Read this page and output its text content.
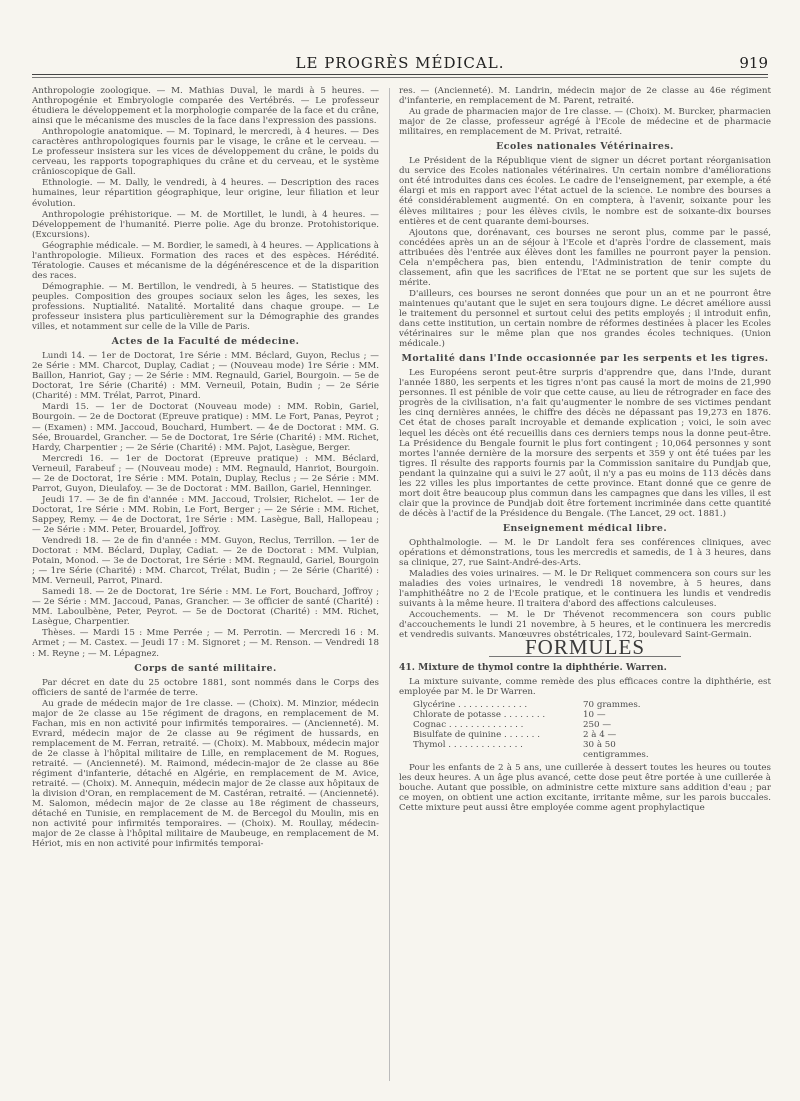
LE PROGRÈS MÉDICAL.	919

Anthropologie zoologique. — M. Mathias Duval, le mardi à 5 heures. — Anthropogénie et Embryologie comparée des Vertébrés. — Le professeur étudiera le développement et la morphologie comparée de la face et du crâne, ainsi que le mécanisme des muscles de la face dans l'expression des passions.

Anthropologie anatomique. — M. Topinard, le mercredi, à 4 heures. — Des caractères anthropologiques fournis par le visage, le crâne et le cerveau. — Le professeur insistera sur les vices de développement du crâne, le poids du cerveau, les rapports topographiques du crâne et du cerveau, et le système crânioscopique de Gall.

Ethnologie. — M. Dally, le vendredi, à 4 heures. — Description des races humaines, leur répartition géographique, leur origine, leur filiation et leur évolution.

Anthropologie préhistorique. — M. de Mortillet, le lundi, à 4 heures. — Développement de l'humanité. Pierre polie. Age du bronze. Protohistorique. (Excursions).

Géographie médicale. — M. Bordier, le samedi, à 4 heures. — Applications à l'anthropologie. Milieux. Formation des races et des espèces. Hérédité. Tératologie. Causes et mécanisme de la dégénérescence et de la disparition des races.

Démographie. — M. Bertillon, le vendredi, à 5 heures. — Statistique des peuples. Composition des groupes sociaux selon les âges, les sexes, les professions. Nuptialité. Natalité. Mortalité dans chaque groupe. — Le professeur insistera plus particulièrement sur la Démographie des grandes villes, et notamment sur celle de la Ville de Paris.

Actes de la Faculté de médecine.

Lundi 14. — 1er de Doctorat, 1re Série : MM. Béclard, Guyon, Reclus ; — 2e Série : MM. Charcot, Duplay, Cadiat ; — (Nouveau mode) 1re Série : MM. Baillon, Hanriot, Gay ; — 2e Série : MM. Regnauld, Gariel, Bourgoin. — 5e de Doctorat, 1re Série (Charité) : MM. Verneuil, Potain, Budin ; — 2e Série (Charité) : MM. Trélat, Parrot, Pinard.

Mardi 15. — 1er de Doctorat (Nouveau mode) : MM. Robin, Gariel, Bourgoin. — 2e de Doctorat (Epreuve pratique) : MM. Le Fort, Panas, Peyrot ; — (Examen) : MM. Jaccoud, Bouchard, Humbert. — 4e de Doctorat : MM. G. Sée, Brouardel, Grancher. — 5e de Doctorat, 1re Série (Charité) : MM. Richet, Hardy, Charpentier ; — 2e Série (Charité) : MM. Pajot, Lasègue, Berger.

Mercredi 16. — 1er de Doctorat (Epreuve pratique) : MM. Béclard, Verneuil, Farabeuf ; — (Nouveau mode) : MM. Regnauld, Hanriot, Bourgoin. — 2e de Doctorat, 1re Série : MM. Potain, Duplay, Reclus ; — 2e Série : MM. Parrot, Guyon, Dieulafoy. — 3e de Doctorat : MM. Baillon, Gariel, Henninger.

Jeudi 17. — 3e de fin d'année : MM. Jaccoud, Trolsier, Richelot. — 1er de Doctorat, 1re Série : MM. Robin, Le Fort, Berger ; — 2e Série : MM. Richet, Sappey, Remy. — 4e de Doctorat, 1re Série : MM. Lasègue, Ball, Hallopeau ; — 2e Série : MM. Peter, Brouardel, Joffroy.

Vendredi 18. — 2e de fin d'année : MM. Guyon, Reclus, Terrillon. — 1er de Doctorat : MM. Béclard, Duplay, Cadiat. — 2e de Doctorat : MM. Vulpian, Potain, Monod. — 3e de Doctorat, 1re Série : MM. Regnauld, Gariel, Bourgoin ; — 1re Série (Charité) : MM. Charcot, Trélat, Budin ; — 2e Série (Charité) : MM. Verneuil, Parrot, Pinard.

Samedi 18. — 2e de Doctorat, 1re Série : MM. Le Fort, Bouchard, Joffroy ; — 2e Série : MM. Jaccoud, Panas, Grancher. — 3e officier de santé (Charité) : MM. Laboulbène, Peter, Peyrot. — 5e de Doctorat (Charité) : MM. Richet, Lasègue, Charpentier.

Thèses. — Mardi 15 : Mme Perrée ; — M. Perrotin. — Mercredi 16 : M. Armet ; — M. Castex. — Jeudi 17 : M. Signoret ; — M. Renson. — Vendredi 18 : M. Reyne ; — M. Lépagnez.

Corps de santé militaire.

Par décret en date du 25 octobre 1881, sont nommés dans le Corps des officiers de santé de l'armée de terre.

Au grade de médecin major de 1re classe. — (Choix). M. Minzior, médecin major de 2e classe au 15e régiment de dragons, en remplacement de M. Fachan, mis en non activité pour infirmités temporaires. — (Ancienneté). M. Evrard, médecin major de 2e classe au 9e régiment de hussards, en remplacement de M. Ferran, retraité. — (Choix). M. Mabboux, médecin major de 2e classe à l'hôpital militaire de Lille, en remplacement de M. Rogues, retraité. — (Ancienneté). M. Raimond, médecin-major de 2e classe au 86e régiment d'infanterie, détaché en Algérie, en remplacement de M. Avice, retraité. — (Choix). M. Annequin, médecin major de 2e classe aux hôpitaux de la division d'Oran, en remplacement de M. Castéran, retraité. — (Ancienneté). M. Salomon, médecin major de 2e classe au 18e régiment de chasseurs, détaché en Tunisie, en remplacement de M. de Bercegol du Moulin, mis en non activité pour infirmités temporaires. — (Choix). M. Roullay, médecin-major de 2e classe à l'hôpital militaire de Maubeuge, en remplacement de M. Hériot, mis en non activité pour infirmités temporai-

res. — (Ancienneté). M. Landrin, médecin major de 2e classe au 46e régiment d'infanterie, en remplacement de M. Parent, retraité.

Au grade de pharmacien major de 1re classe. — (Choix). M. Burcker, pharmacien major de 2e classe, professeur agrégé à l'Ecole de médecine et de pharmacie militaires, en remplacement de M. Privat, retraité.

Ecoles nationales Vétérinaires.

Le Président de la République vient de signer un décret portant réorganisation du service des Ecoles nationales vétérinaires. Un certain nombre d'améliorations ont été introduites dans ces écoles. Le cadre de l'enseignement, par exemple, a été élargi et mis en rapport avec l'état actuel de la science. Le nombre des bourses a été considérablement augmenté. On en comptera, à l'avenir, soixante pour les élèves militaires ; pour les élèves civils, le nombre est de soixante-dix bourses entières et de cent quarante demi-bourses.

Ajoutons que, dorénavant, ces bourses ne seront plus, comme par le passé, concédées après un an de séjour à l'Ecole et d'après l'ordre de classement, mais attribuées dès l'entrée aux élèves dont les familles ne pourront payer la pension. Cela n'empêchera pas, bien entendu, l'Administration de tenir compte du classement, afin que les sacrifices de l'Etat ne se portent que sur les sujets de mérite.

D'ailleurs, ces bourses ne seront données que pour un an et ne pourront être maintenues qu'autant que le sujet en sera toujours digne. Le décret améliore aussi le traitement du personnel et surtout celui des petits employés ; il introduit enfin, dans cette institution, un certain nombre de réformes destinées à placer les Ecoles vétérinaires sur le même plan que nos grandes écoles techniques. (Union médicale.)

Mortalité dans l'Inde occasionnée par les serpents et les tigres.

Les Européens seront peut-être surpris d'apprendre que, dans l'Inde, durant l'année 1880, les serpents et les tigres n'ont pas causé la mort de moins de 21,990 personnes. Il est pénible de voir que cette cause, au lieu de rétrograder en face des progrès de la civilisation, n'a fait qu'augmenter le nombre de ses victimes pendant les cinq dernières années, le chiffre des décès ne dépassant pas 19,273 en 1876. Cet état de choses paraît incroyable et demande explication ; voici, le soin avec lequel les décès ont été recueillis dans ces derniers temps nous la donne peut-être. La Présidence du Bengale fournit le plus fort contingent ; 10,064 personnes y sont mortes l'année dernière de la morsure des serpents et 359 y ont été tuées par les tigres. Il résulte des rapports fournis par la Commission sanitaire du Pundjab que, pendant la quinzaine qui a suivi le 27 août, il n'y a pas eu moins de 113 décès dans les 22 villes les plus importantes de cette province. Etant donné que ce genre de mort doit être beaucoup plus commun dans les campagnes que dans les villes, il est clair que la province de Pundjab doit être fortement incriminée dans cette quantité de décès à l'actif de la Présidence du Bengale. (The Lancet, 29 oct. 1881.)

Enseignement médical libre.

Ophthalmologie. — M. le Dr Landolt fera ses conférences cliniques, avec opérations et démonstrations, tous les mercredis et samedis, de 1 à 3 heures, dans sa clinique, 27, rue Saint-André-des-Arts.

Maladies des voies urinaires. — M. le Dr Reliquet commencera son cours sur les maladies des voies urinaires, le vendredi 18 novembre, à 5 heures, dans l'amphithéâtre no 2 de l'Ecole pratique, et le continuera les lundis et vendredis suivants à la même heure. Il traitera d'abord des affections calculeuses.

Accouchements. — M. le Dr Thévenot recommencera son cours public d'accouchements le lundi 21 novembre, à 5 heures, et le continuera les mercredis et vendredis suivants. Manœuvres obstétricales, 172, boulevard Saint-Germain.

FORMULES
41. Mixture de thymol contre la diphthérie. Warren.

La mixture suivante, comme remède des plus efficaces contre la diphthérie, est employée par M. le Dr Warren.

Glycérine . . . . . . . . . . . . .	70 grammes.
Chlorate de potasse . . . . . . . .	10 —
Cognac . . . . . . . . . . . . . .	250 —
Bisulfate de quinine . . . . . . .	2 à 4 —
Thymol . . . . . . . . . . . . . .	30 à 50 centigrammes.

Pour les enfants de 2 à 5 ans, une cuillerée à dessert toutes les heures ou toutes les deux heures. A un âge plus avancé, cette dose peut être portée à une cuillerée à bouche. Autant que possible, on administre cette mixture sans addition d'eau ; par ce moyen, on obtient une action excitante, irritante même, sur les parois buccales. Cette mixture peut aussi être employée comme agent prophylactique
